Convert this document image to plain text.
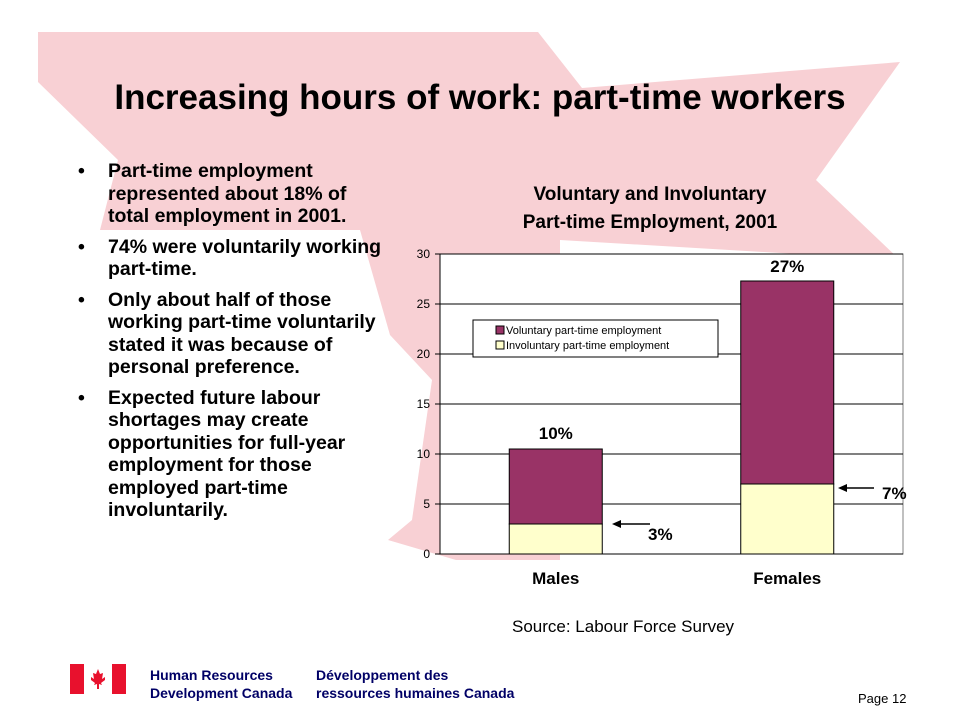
Increasing hours of work: part-time workers
• Part-time employment represented about 18% of total employment in 2001.
• 74% were voluntarily working part-time.
• Only about half of those working part-time voluntarily stated it was because of personal preference.
• Expected future labour shortages may create opportunities for full-year employment for those employed part-time involuntarily.
Voluntary and Involuntary
Part-time Employment, 2001
0
5
10
15
20
25
30
10%
Males
27%
Females
3%
7%
Voluntary part-time employment
Involuntary part-time employment
Source: Labour Force Survey
Human Resources
Development Canada
Développement des
ressources humaines Canada	Page 12
